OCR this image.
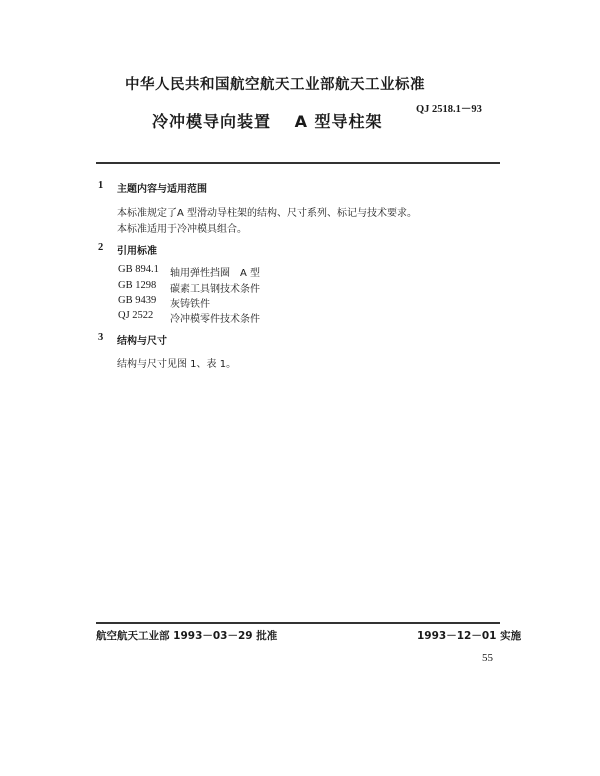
中华人民共和国航空航天工业部航天工业标准
QJ 2518.1－93
冷冲模导向装置　 A 型导柱架
1 主题内容与适用范围
本标准规定了A 型滑动导柱架的结构、尺寸系列、标记与技术要求。
本标准适用于冷冲模具组合。
2 引用标准
GB 894.1 轴用弹性挡圈　A 型
GB 1298 碳素工具钢技术条件
GB 9439 灰铸铁件
QJ 2522 冷冲模零件技术条件
3 结构与尺寸
结构与尺寸见图 1、表 1。
航空航天工业部 1993－03－29 批准	1993－12－01 实施
55
